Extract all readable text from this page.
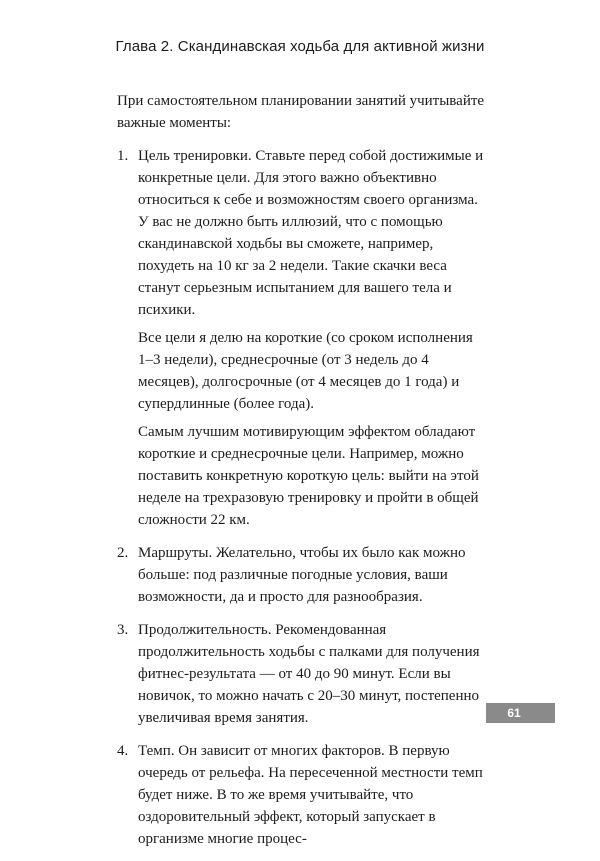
Глава 2. Скандинавская ходьба для активной жизни

При самостоятельном планировании занятий учитывайте важные моменты:

1. Цель тренировки. Ставьте перед собой достижимые и конкретные цели. Для этого важно объективно относиться к себе и возможностям своего организма. У вас не должно быть иллюзий, что с помощью скандинавской ходьбы вы сможете, например, похудеть на 10 кг за 2 недели. Такие скачки веса станут серьезным испытанием для вашего тела и психики.

Все цели я делю на короткие (со сроком исполнения 1–3 недели), среднесрочные (от 3 недель до 4 месяцев), долгосрочные (от 4 месяцев до 1 года) и супердлинные (более года).

Самым лучшим мотивирующим эффектом обладают короткие и среднесрочные цели. Например, можно поставить конкретную короткую цель: выйти на этой неделе на трехразовую тренировку и пройти в общей сложности 22 км.

2. Маршруты. Желательно, чтобы их было как можно больше: под различные погодные условия, ваши возможности, да и просто для разнообразия.

3. Продолжительность. Рекомендованная продолжительность ходьбы с палками для получения фитнес-результата — от 40 до 90 минут. Если вы новичок, то можно начать с 20–30 минут, постепенно увеличивая время занятия.

4. Темп. Он зависит от многих факторов. В первую очередь от рельефа. На пересеченной местности темп будет ниже. В то же время учитывайте, что оздоровительный эффект, который запускает в организме многие процес-

61
